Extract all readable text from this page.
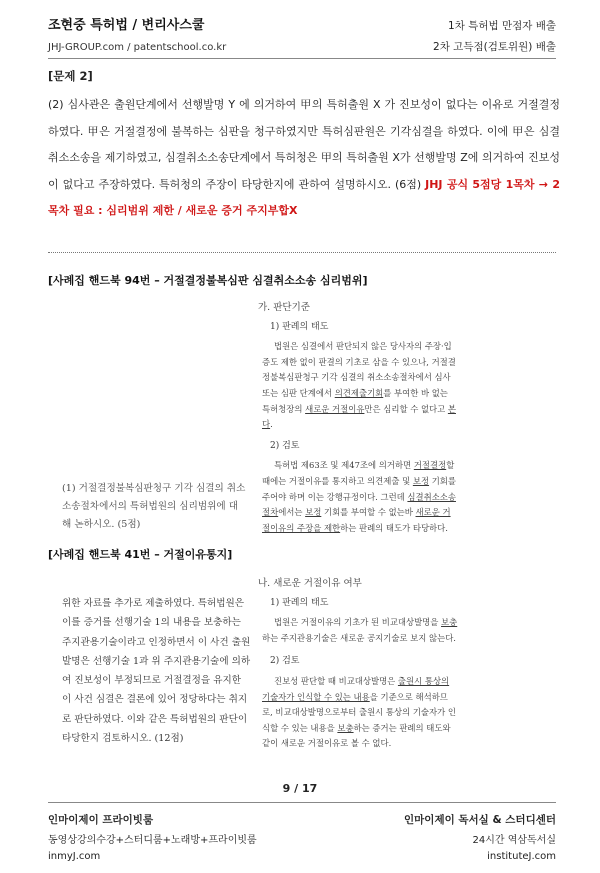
조현중 특허법 / 변리사스쿨	1차 특허법 만점자 배출
JHJ-GROUP.com / patentschool.co.kr	2차 고득점(검토위원) 배출
[문제 2]
(2) 심사관은 출원단계에서 선행발명 Y 에 의거하여 甲의 특허출원 X 가 진보성이 없다는 이유로 거절결정하였다. 甲은 거절결정에 불복하는 심판을 청구하였지만 특허심판원은 기각심결을 하였다. 이에 甲은 심결취소소송을 제기하였고, 심결취소소송단계에서 특허청은 甲의 특허출원 X가 선행발명 Z에 의거하여 진보성이 없다고 주장하였다. 특허청의 주장이 타당한지에 관하여 설명하시오. (6점) JHJ 공식 5점당 1목차 → 2목차 필요 : 심리범위 제한 / 새로운 증거 주지부합X
[사례집 핸드북 94번 – 거절결정불복심판 심결취소소송 심리범위]
(1) 거절결정불복심판청구 기각 심결의 취소소송절차에서의 특허법원의 심리범위에 대해 논하시오. (5점)
가. 판단기준
1) 판례의 태도
법원은 심결에서 판단되지 않은 당사자의 주장·입증도 제한 없이 판결의 기초로 삼을 수 있으나, 거절결정불복심판청구 기각 심결의 취소소송절차에서 심사 또는 심판 단계에서 의견제출기회를 부여한 바 없는 특허청장의 새로운 거절이유만은 심리할 수 없다고 본다.
2) 검토
특허법 제63조 및 제47조에 의거하면 거절결정할 때에는 거절이유를 통지하고 의견제출 및 보정 기회를 주어야 하며 이는 강행규정이다. 그런데 심결취소소송절차에서는 보정 기회를 부여할 수 없는바 새로운 거절이유의 주장을 제한하는 판례의 태도가 타당하다.
[사례집 핸드북 41번 – 거절이유통지]
위한 자료를 추가로 제출하였다. 특허법원은 이를 증거를 선행기술 1의 내용을 보충하는 주지관용기술이라고 인정하면서 이 사건 출원발명은 선행기술 1과 위 주지관용기술에 의하여 진보성이 부정되므로 거절결정을 유지한 이 사건 심결은 결론에 있어 정당하다는 취지로 판단하였다. 이와 같은 특허법원의 판단이 타당한지 검토하시오. (12점)
나. 새로운 거절이유 여부
1) 판례의 태도
법원은 거절이유의 기초가 된 비교대상발명을 보충하는 주지관용기술은 새로운 공지기술로 보지 않는다.
2) 검토
진보성 판단할 때 비교대상발명은 출원시 통상의 기술자가 인식할 수 있는 내용을 기준으로 해석하므로, 비교대상발명으로부터 출원시 통상의 기술자가 인식할 수 있는 내용을 보충하는 증거는 판례의 태도와 같이 새로운 거절이유로 볼 수 없다.
9 / 17
인마이제이 프라이빗룸
동영상강의수강+스터디룸+노래방+프라이빗룸
inmyJ.com
인마이제이 독서실 & 스터디센터
24시간 역삼독서실
instituteJ.com
